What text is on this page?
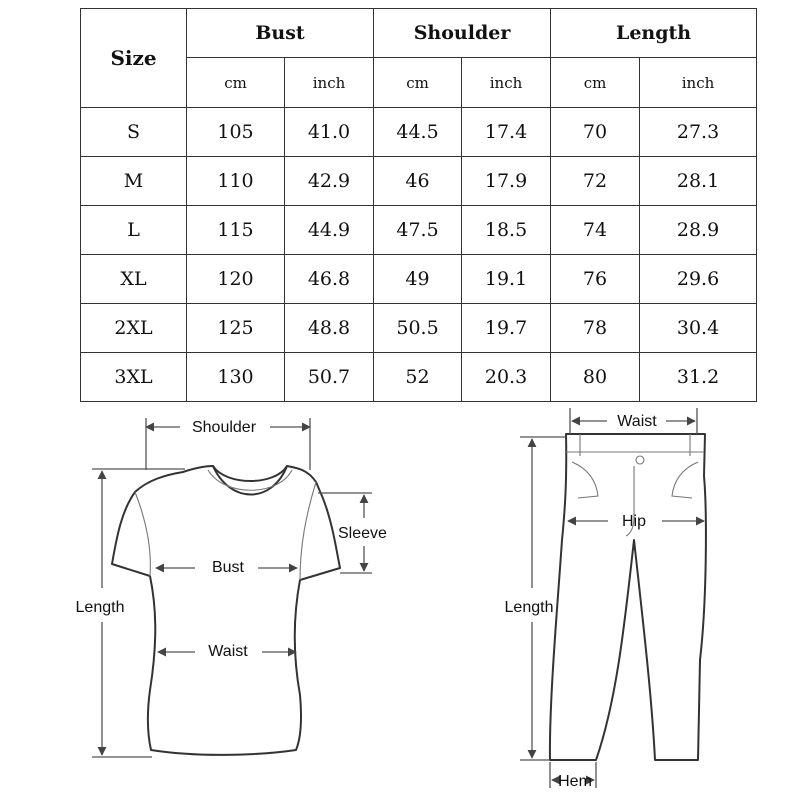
Size	Bust		Shoulder		Length	
	cm	inch	cm	inch	cm	inch
S	105	41.0	44.5	17.4	70	27.3
M	110	42.9	46	17.9	72	28.1
L	115	44.9	47.5	18.5	74	28.9
XL	120	46.8	49	19.1	76	29.6
2XL	125	48.8	50.5	19.7	78	30.4
3XL	130	50.7	52	20.3	80	31.2
Shoulder
Sleeve
Bust
Waist
Length
Waist
Hip
Length
Hem
